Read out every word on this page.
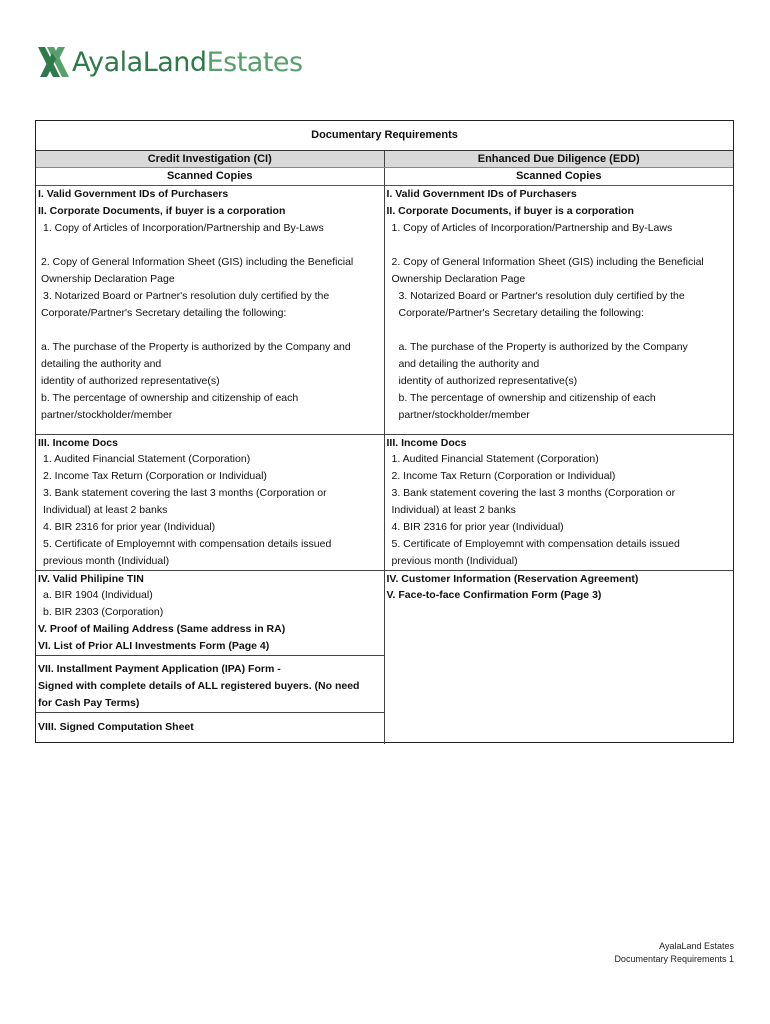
AyalaLandEstates
Documentary Requirements
Credit Investigation (CI)	Enhanced Due Diligence (EDD)
Scanned Copies	Scanned Copies
I. Valid Government IDs of Purchasers
II. Corporate Documents, if buyer is a corporation
1. Copy of Articles of Incorporation/Partnership and By-Laws
2. Copy of General Information Sheet (GIS) including the Beneficial
Ownership Declaration Page
3. Notarized Board or Partner's resolution duly certified by the
Corporate/Partner's Secretary detailing the following:
a. The purchase of the Property is authorized by the Company and
detailing the authority and
identity of authorized representative(s)
b. The percentage of ownership and citizenship of each
partner/stockholder/member
III. Income Docs
1. Audited Financial Statement (Corporation)
2. Income Tax Return (Corporation or Individual)
3. Bank statement covering the last 3 months (Corporation or
Individual) at least 2 banks
4. BIR 2316 for prior year (Individual)
5. Certificate of Employemnt with compensation details issued
previous month (Individual)
IV. Valid Philipine TIN
a. BIR 1904 (Individual)
b. BIR 2303 (Corporation)
V. Proof of Mailing Address (Same address in RA)
VI. List of Prior ALI Investments Form (Page 4)
VII. Installment Payment Application (IPA) Form -
Signed with complete details of ALL registered buyers. (No need
for Cash Pay Terms)
VIII. Signed Computation Sheet
I. Valid Government IDs of Purchasers
II. Corporate Documents, if buyer is a corporation
1. Copy of Articles of Incorporation/Partnership and By-Laws
2. Copy of General Information Sheet (GIS) including the Beneficial
Ownership Declaration Page
3. Notarized Board or Partner's resolution duly certified by the
Corporate/Partner's Secretary detailing the following:
a. The purchase of the Property is authorized by the Company
and detailing the authority and
identity of authorized representative(s)
b. The percentage of ownership and citizenship of each
partner/stockholder/member
III. Income Docs
1. Audited Financial Statement (Corporation)
2. Income Tax Return (Corporation or Individual)
3. Bank statement covering the last 3 months (Corporation or
Individual) at least 2 banks
4. BIR 2316 for prior year (Individual)
5. Certificate of Employemnt with compensation details issued
previous month (Individual)
IV. Customer Information (Reservation Agreement)
V. Face-to-face Confirmation Form (Page 3)
AyalaLand Estates
Documentary Requirements 1
